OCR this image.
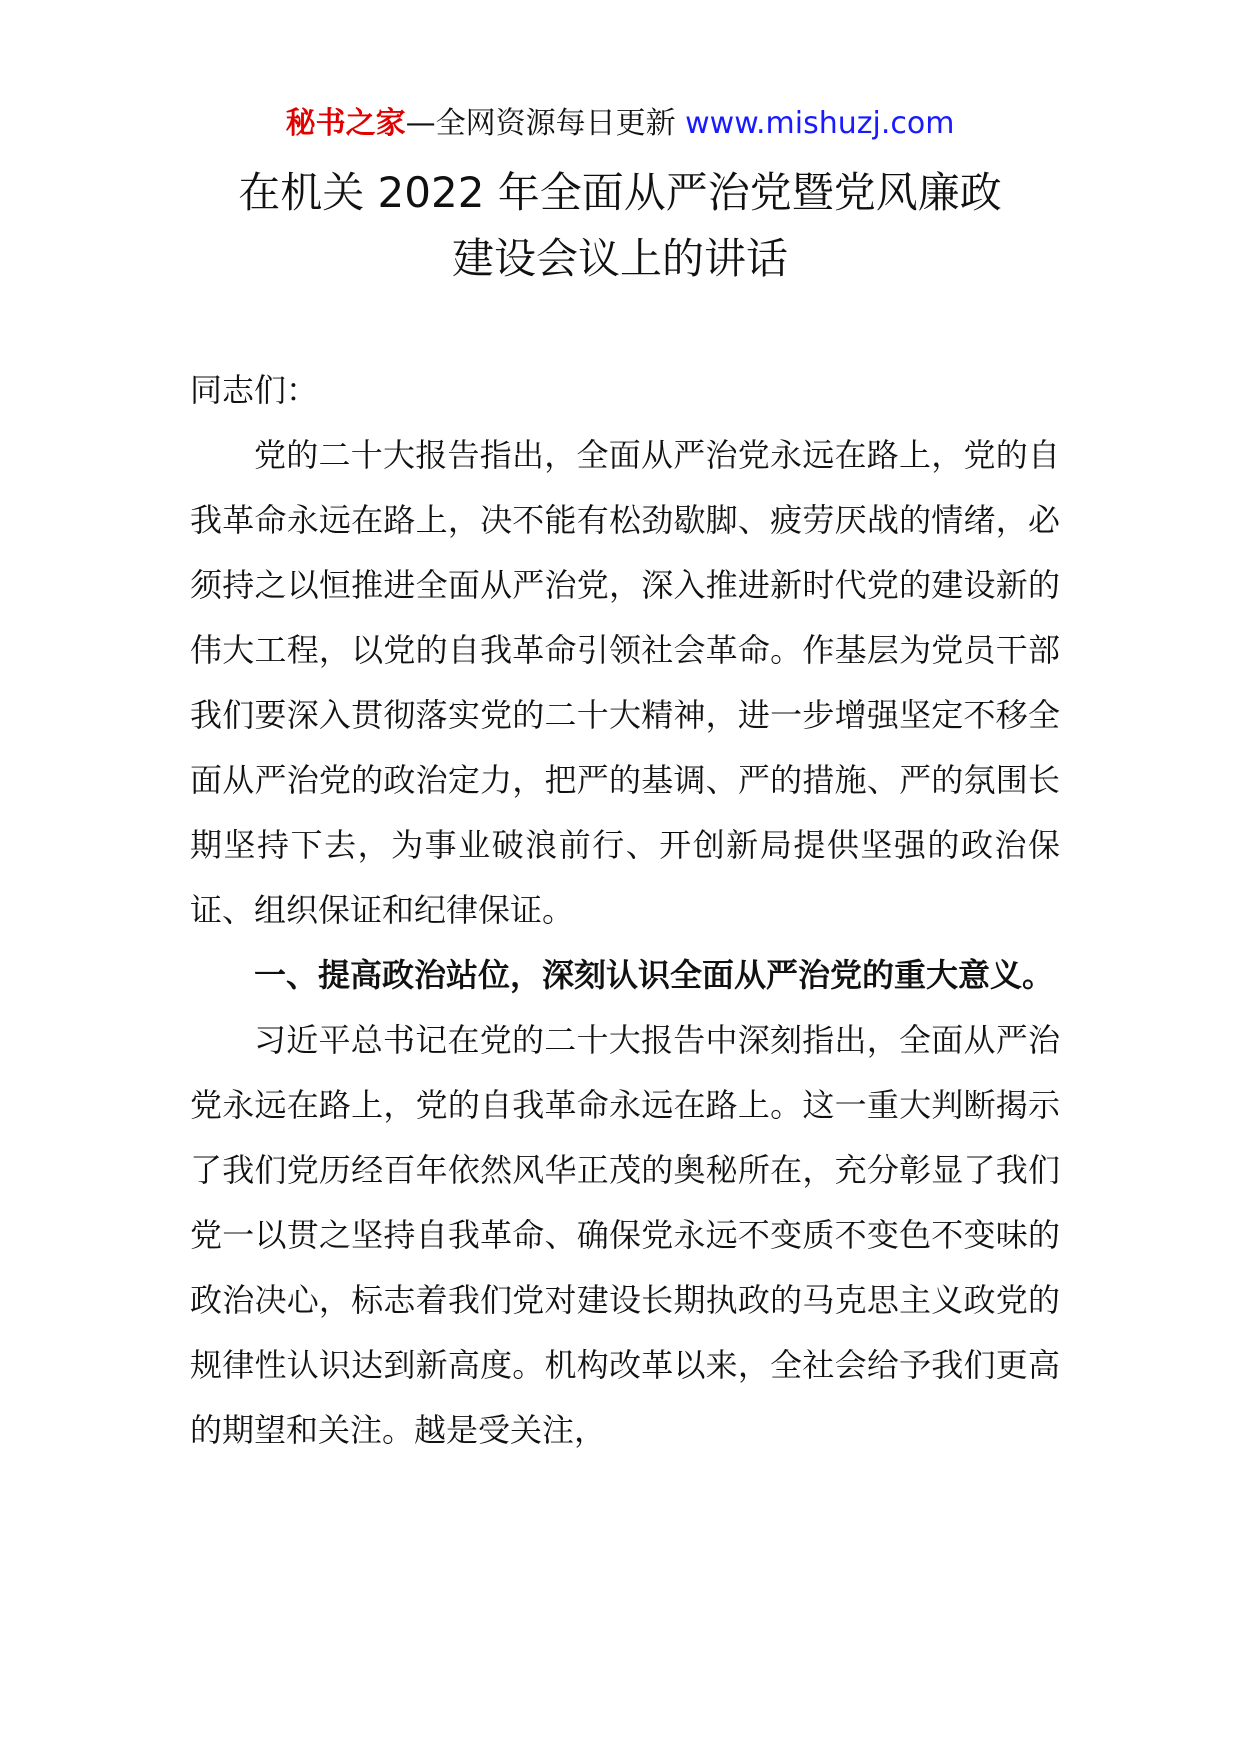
秘书之家—全网资源每日更新 www.mishuzj.com
在机关 2022 年全面从严治党暨党风廉政
建设会议上的讲话

同志们：

党的二十大报告指出，全面从严治党永远在路上，党的自我革命永远在路上，决不能有松劲歇脚、疲劳厌战的情绪，必须持之以恒推进全面从严治党，深入推进新时代党的建设新的伟大工程，以党的自我革命引领社会革命。作基层为党员干部我们要深入贯彻落实党的二十大精神，进一步增强坚定不移全面从严治党的政治定力，把严的基调、严的措施、严的氛围长期坚持下去，为事业破浪前行、开创新局提供坚强的政治保证、组织保证和纪律保证。

一、提高政治站位，深刻认识全面从严治党的重大意义。

习近平总书记在党的二十大报告中深刻指出，全面从严治党永远在路上，党的自我革命永远在路上。这一重大判断揭示了我们党历经百年依然风华正茂的奥秘所在，充分彰显了我们党一以贯之坚持自我革命、确保党永远不变质不变色不变味的政治决心，标志着我们党对建设长期执政的马克思主义政党的规律性认识达到新高度。机构改革以来，全社会给予我们更高的期望和关注。越是受关注，
